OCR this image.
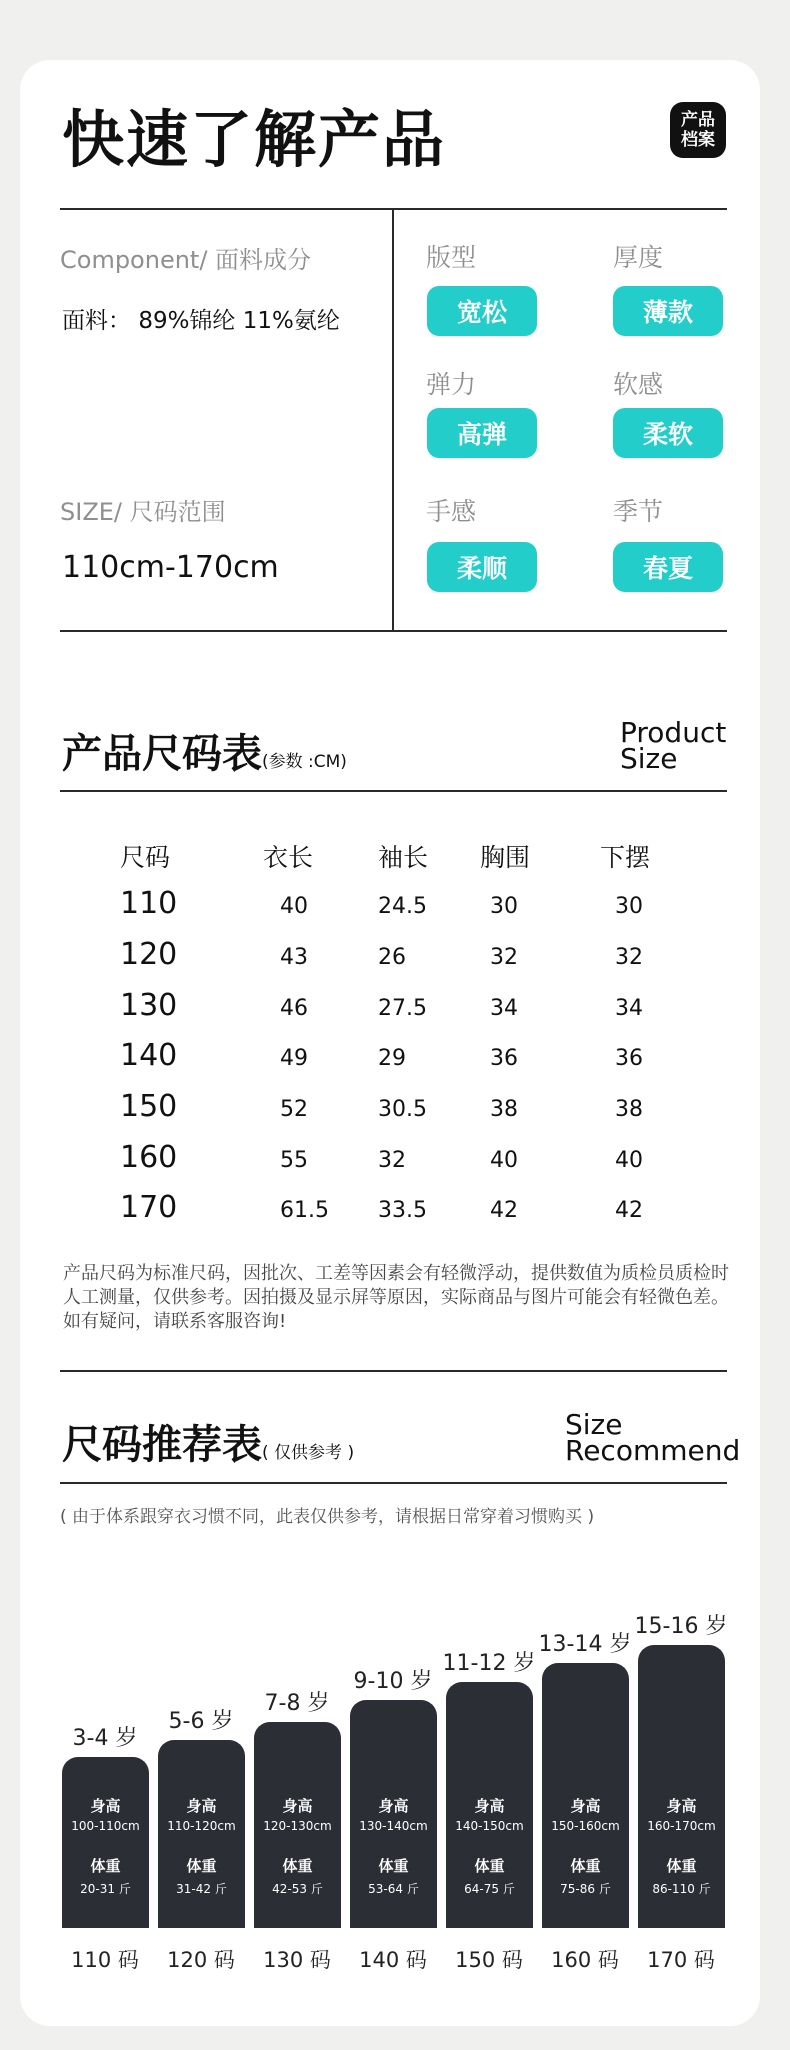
快速了解产品	产品
档案
Component/ 面料成分
面料： 89%锦纶 11%氨纶
SIZE/ 尺码范围
110cm-170cm
版型
宽松
厚度
薄款
弹力
高弹
软感
柔软
手感
柔顺
季节
春夏
产品尺码表(参数 :CM)
Product
Size
尺码	衣长	袖长 胸围	下摆
110	40	24.5	30	30
120	43	26	32	32
130	46	27.5	34	34
140	49	29	36	36
150	52	30.5	38	38
160	55	32	40	40
170	61.5 33.5	42	42
产品尺码为标准尺码，因批次、工差等因素会有轻微浮动，提供数值为质检员质检时人工测量，仅供参考。因拍摄及显示屏等原因，实际商品与图片可能会有轻微色差。如有疑问，请联系客服咨询!
尺码推荐表( 仅供参考 )
Size
Recommend
( 由于体系跟穿衣习惯不同，此表仅供参考，请根据日常穿着习惯购买 )
3-4 岁
身高
100-110cm
体重
20-31 斤
110 码
5-6 岁
身高
110-120cm
体重
31-42 斤
120 码
7-8 岁
身高
120-130cm
体重
42-53 斤
130 码
9-10 岁
身高
130-140cm
体重
53-64 斤
140 码
11-12 岁
身高
140-150cm
体重
64-75 斤
150 码
13-14 岁
身高
150-160cm
体重
75-86 斤
160 码
15-16 岁
身高
160-170cm
体重
86-110 斤
170 码
